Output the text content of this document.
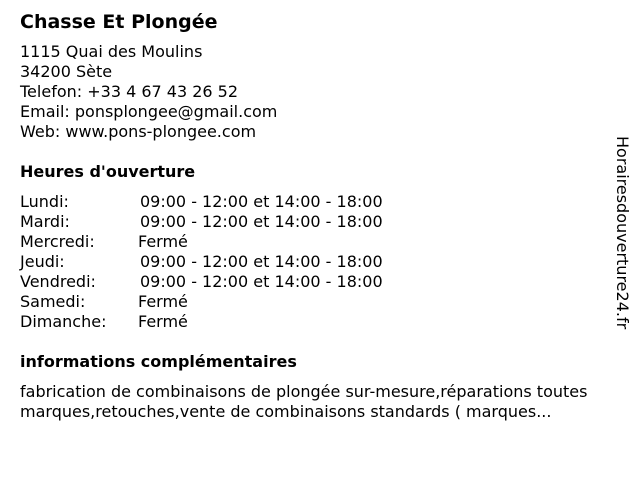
Chasse Et Plongée
1115 Quai des Moulins
34200 Sète
Telefon: +33 4 67 43 26 52
Email: ponsplongee@gmail.com
Web: www.pons-plongee.com
Heures d'ouverture
Lundi:	09:00 - 12:00 et 14:00 - 18:00
Mardi:	09:00 - 12:00 et 14:00 - 18:00
Mercredi:	Fermé
Jeudi:	09:00 - 12:00 et 14:00 - 18:00
Vendredi:	09:00 - 12:00 et 14:00 - 18:00
Samedi:	Fermé
Dimanche:	Fermé
informations complémentaires
fabrication de combinaisons de plongée sur-mesure,réparations toutes marques,retouches,vente de combinaisons standards ( marques...
Horairesdouverture24.fr
